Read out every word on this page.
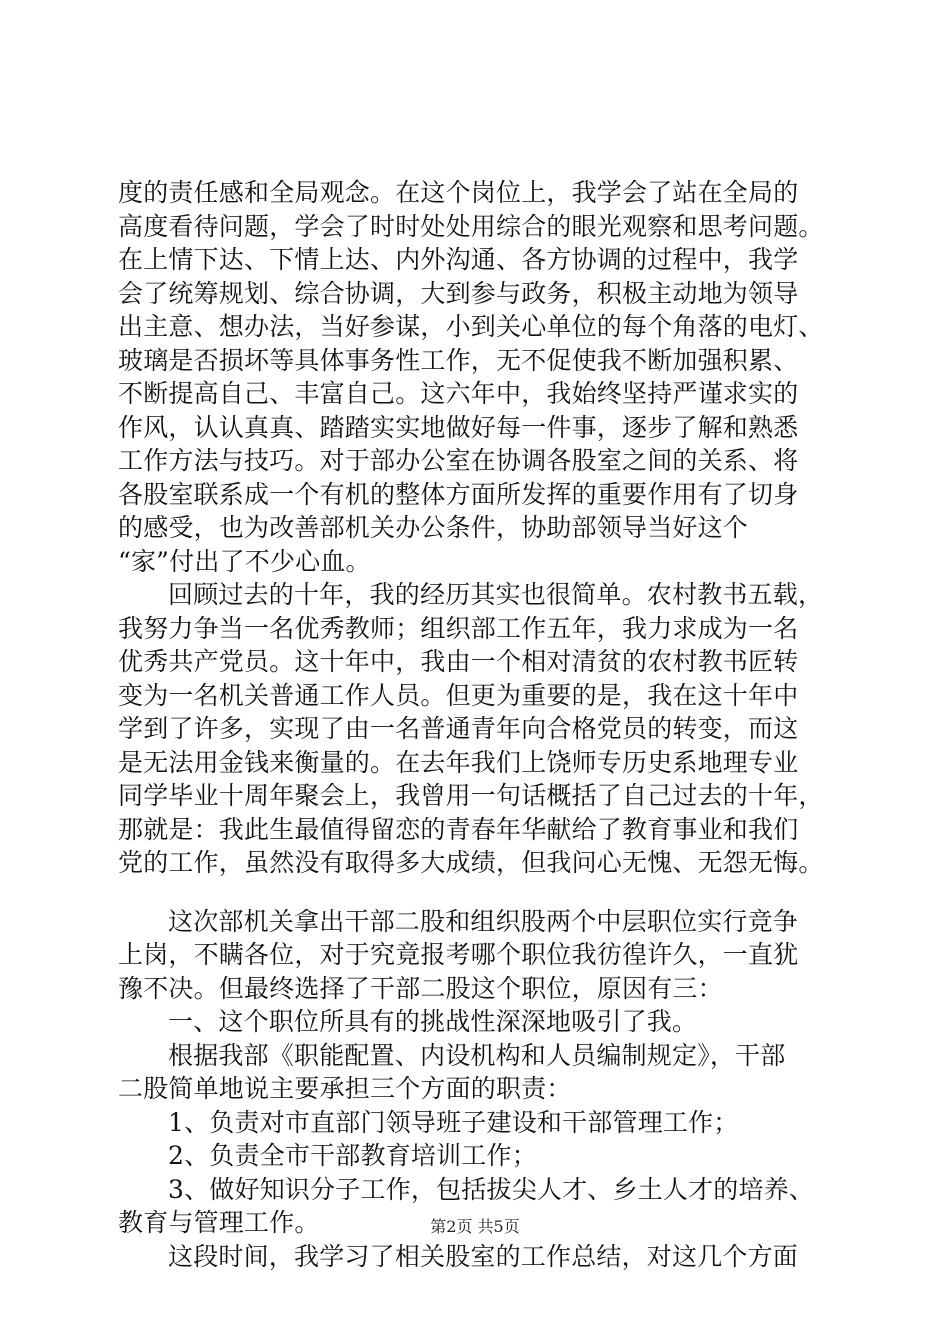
度的责任感和全局观念。在这个岗位上，我学会了站在全局的
高度看待问题，学会了时时处处用综合的眼光观察和思考问题。
在上情下达、下情上达、内外沟通、各方协调的过程中，我学
会了统筹规划、综合协调，大到参与政务，积极主动地为领导
出主意、想办法，当好参谋，小到关心单位的每个角落的电灯、
玻璃是否损坏等具体事务性工作，无不促使我不断加强积累、
不断提高自己、丰富自己。这六年中，我始终坚持严谨求实的
作风，认认真真、踏踏实实地做好每一件事，逐步了解和熟悉
工作方法与技巧。对于部办公室在协调各股室之间的关系、将
各股室联系成一个有机的整体方面所发挥的重要作用有了切身
的感受，也为改善部机关办公条件，协助部领导当好这个
“家”付出了不少心血。
回顾过去的十年，我的经历其实也很简单。农村教书五载，
我努力争当一名优秀教师；组织部工作五年，我力求成为一名
优秀共产党员。这十年中，我由一个相对清贫的农村教书匠转
变为一名机关普通工作人员。但更为重要的是，我在这十年中
学到了许多，实现了由一名普通青年向合格党员的转变，而这
是无法用金钱来衡量的。在去年我们上饶师专历史系地理专业
同学毕业十周年聚会上，我曾用一句话概括了自己过去的十年，
那就是：我此生最值得留恋的青春年华献给了教育事业和我们
党的工作，虽然没有取得多大成绩，但我问心无愧、无怨无悔。
这次部机关拿出干部二股和组织股两个中层职位实行竞争
上岗，不瞒各位，对于究竟报考哪个职位我彷徨许久，一直犹
豫不决。但最终选择了干部二股这个职位，原因有三：
一、这个职位所具有的挑战性深深地吸引了我。
根据我部《职能配置、内设机构和人员编制规定》，干部
二股简单地说主要承担三个方面的职责：
1、负责对市直部门领导班子建设和干部管理工作；
2、负责全市干部教育培训工作；
3、做好知识分子工作，包括拔尖人才、乡土人才的培养、
教育与管理工作。
这段时间，我学习了相关股室的工作总结，对这几个方面
第2页 共5页
